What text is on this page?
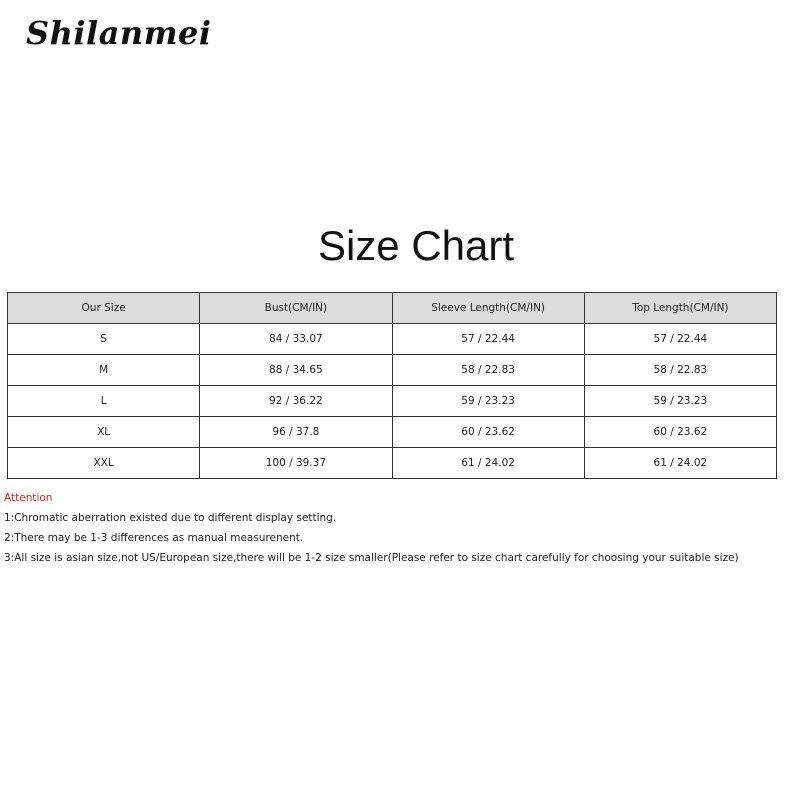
Shilanmei
Size Chart
Our Size	Bust(CM/IN)	Sleeve Length(CM/IN)	Top Length(CM/IN)
S	84 / 33.07	57 / 22.44	57 / 22.44
M	88 / 34.65	58 / 22.83	58 / 22.83
L	92 / 36.22	59 / 23.23	59 / 23.23
XL	96 / 37.8	60 / 23.62	60 / 23.62
XXL	100 / 39.37	61 / 24.02	61 / 24.02
Attention
1:Chromatic aberration existed due to different display setting.
2:There may be 1-3 differences as manual measurenent.
3:All size is asian size,not US/European size,there will be 1-2 size smaller(Please refer to size chart carefully for choosing your suitable size)
